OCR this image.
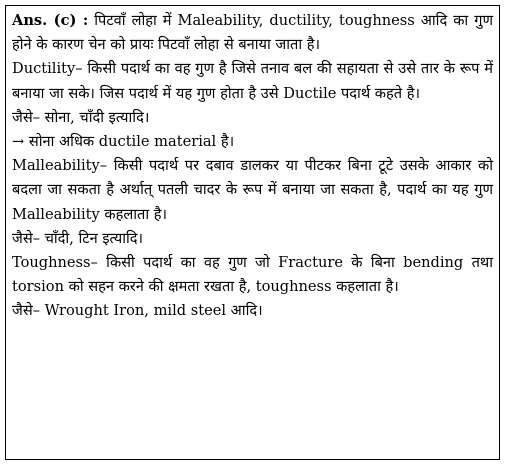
Ans. (c) : पिटवाँ लोहा में Maleability, ductility, toughness आदि का गुण होने के कारण चेन को प्रायः पिटवाँ लोहा से बनाया जाता है।

Ductility– किसी पदार्थ का वह गुण है जिसे तनाव बल की सहायता से उसे तार के रूप में बनाया जा सके। जिस पदार्थ में यह गुण होता है उसे Ductile पदार्थ कहते है।

जैसे– सोना, चाँदी इत्यादि।

→ सोना अधिक ductile material है।

Malleability– किसी पदार्थ पर दबाव डालकर या पीटकर बिना टूटे उसके आकार को बदला जा सकता है अर्थात् पतली चादर के रूप में बनाया जा सकता है, पदार्थ का यह गुण Malleability कहलाता है।

जैसे– चाँदी, टिन इत्यादि।

Toughness– किसी पदार्थ का वह गुण जो Fracture के बिना bending तथा torsion को सहन करने की क्षमता रखता है, toughness कहलाता है।

जैसे– Wrought Iron, mild steel आदि।
